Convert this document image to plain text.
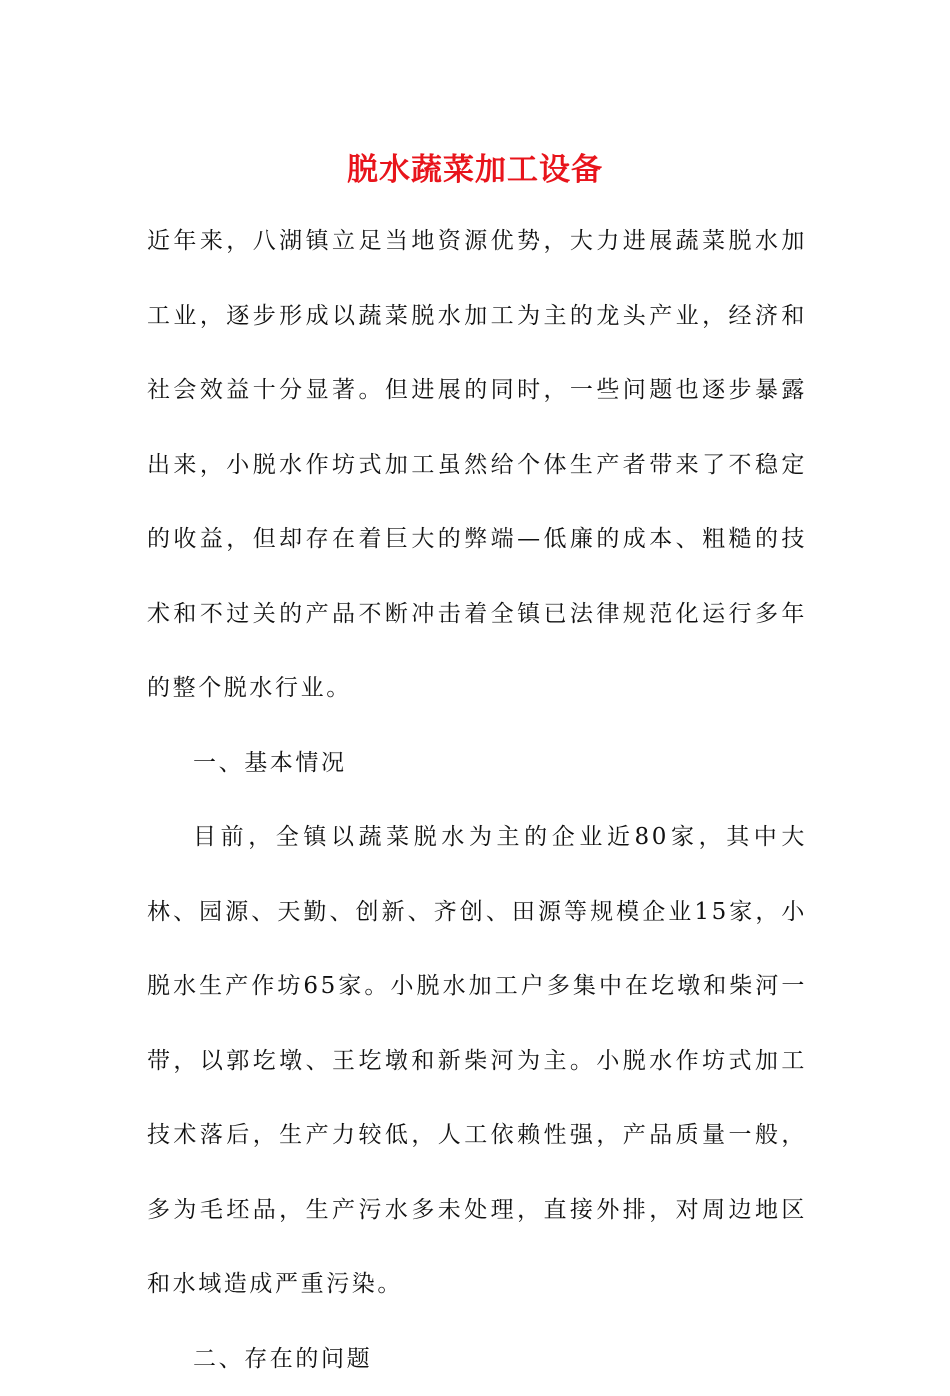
脱水蔬菜加工设备

近年来，八湖镇立足当地资源优势，大力进展蔬菜脱水加工业，逐步形成以蔬菜脱水加工为主的龙头产业，经济和社会效益十分显著。但进展的同时，一些问题也逐步暴露出来，小脱水作坊式加工虽然给个体生产者带来了不稳定的收益，但却存在着巨大的弊端—低廉的成本、粗糙的技术和不过关的产品不断冲击着全镇已法律规范化运行多年的整个脱水行业。

一、基本情况

目前，全镇以蔬菜脱水为主的企业近80家，其中大林、园源、天勤、创新、齐创、田源等规模企业15家，小脱水生产作坊65家。小脱水加工户多集中在圪墩和柴河一带，以郭圪墩、王圪墩和新柴河为主。小脱水作坊式加工技术落后，生产力较低，人工依赖性强，产品质量一般，多为毛坯品，生产污水多未处理，直接外排，对周边地区和水域造成严重污染。

二、存在的问题
